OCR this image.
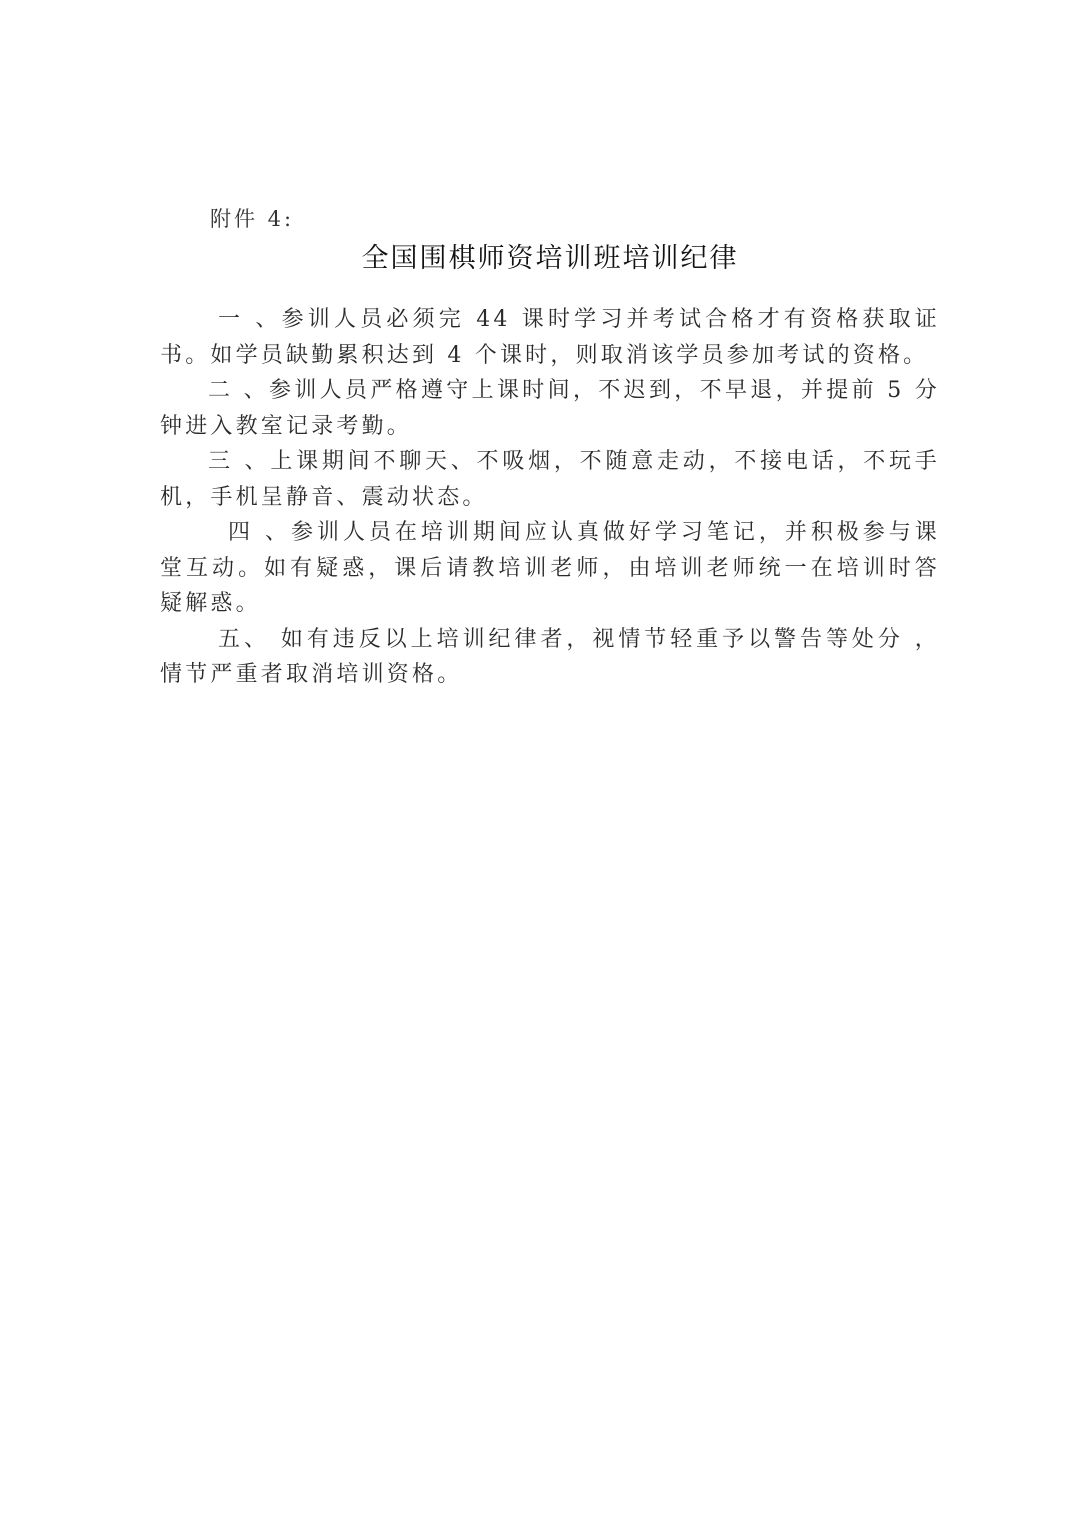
附件 4:
全国围棋师资培训班培训纪律

一 、参训人员必须完 44 课时学习并考试合格才有资格获取证书。如学员缺勤累积达到 4 个课时，则取消该学员参加考试的资格。

二 、参训人员严格遵守上课时间，不迟到，不早退，并提前 5 分钟进入教室记录考勤。

三 、上课期间不聊天、不吸烟，不随意走动，不接电话，不玩手机，手机呈静音、震动状态。

四 、参训人员在培训期间应认真做好学习笔记，并积极参与课堂互动。如有疑惑，课后请教培训老师，由培训老师统一在培训时答疑解惑。

五、 如有违反以上培训纪律者，视情节轻重予以警告等处分 ，情节严重者取消培训资格。
